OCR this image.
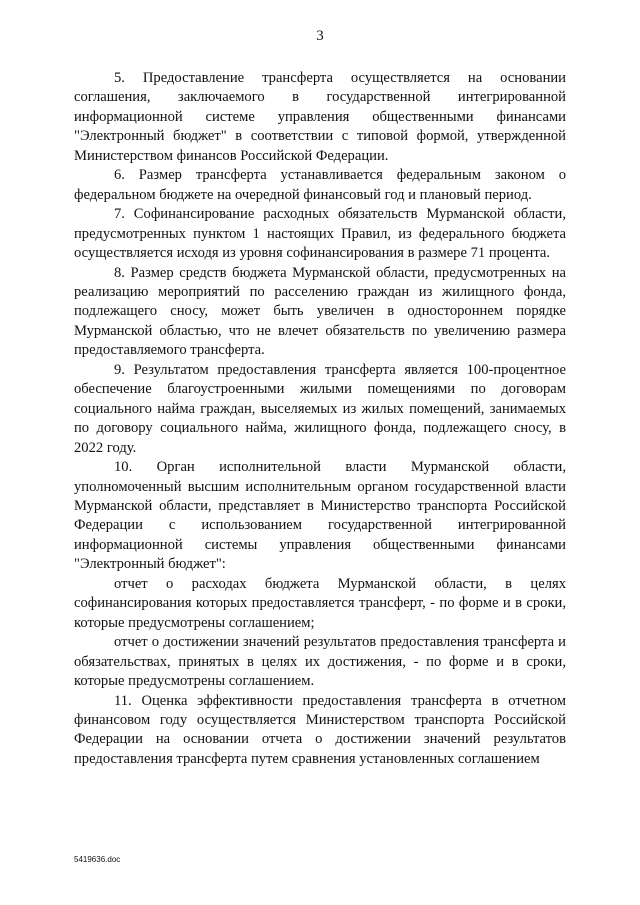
3

5. Предоставление трансферта осуществляется на основании соглашения, заключаемого в государственной интегрированной информационной системе управления общественными финансами "Электронный бюджет" в соответствии с типовой формой, утвержденной Министерством финансов Российской Федерации.

6. Размер трансферта устанавливается федеральным законом о федеральном бюджете на очередной финансовый год и плановый период.

7. Софинансирование расходных обязательств Мурманской области, предусмотренных пунктом 1 настоящих Правил, из федерального бюджета осуществляется исходя из уровня софинансирования в размере 71 процента.

8. Размер средств бюджета Мурманской области, предусмотренных на реализацию мероприятий по расселению граждан из жилищного фонда, подлежащего сносу, может быть увеличен в одностороннем порядке Мурманской областью, что не влечет обязательств по увеличению размера предоставляемого трансферта.

9. Результатом предоставления трансферта является 100-процентное обеспечение благоустроенными жилыми помещениями по договорам социального найма граждан, выселяемых из жилых помещений, занимаемых по договору социального найма, жилищного фонда, подлежащего сносу, в 2022 году.

10. Орган исполнительной власти Мурманской области, уполномоченный высшим исполнительным органом государственной власти Мурманской области, представляет в Министерство транспорта Российской Федерации с использованием государственной интегрированной информационной системы управления общественными финансами "Электронный бюджет":

отчет о расходах бюджета Мурманской области, в целях софинансирования которых предоставляется трансферт, - по форме и в сроки, которые предусмотрены соглашением;

отчет о достижении значений результатов предоставления трансферта и обязательствах, принятых в целях их достижения, - по форме и в сроки, которые предусмотрены соглашением.

11. Оценка эффективности предоставления трансферта в отчетном финансовом году осуществляется Министерством транспорта Российской Федерации на основании отчета о достижении значений результатов предоставления трансферта путем сравнения установленных соглашением

5419636.doc
